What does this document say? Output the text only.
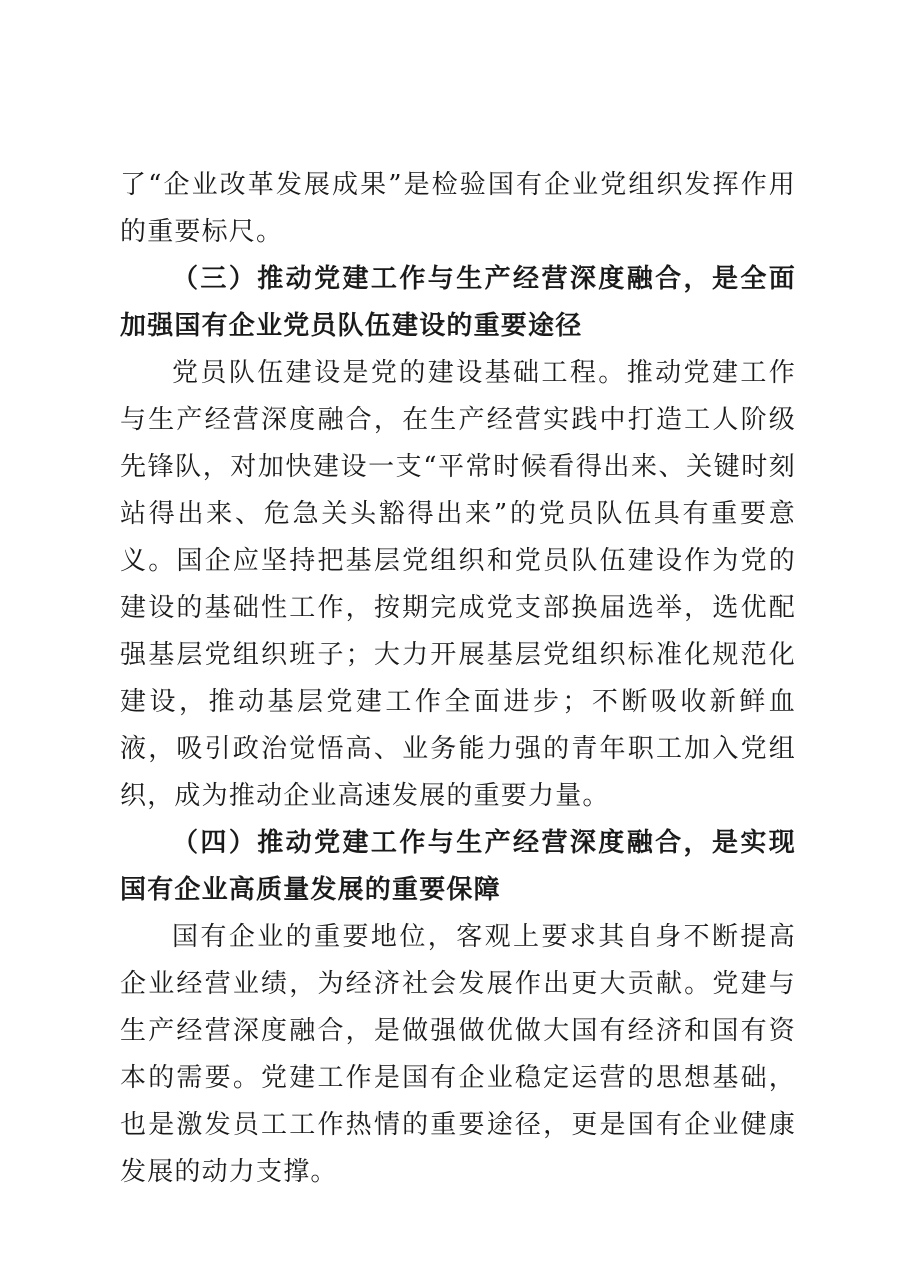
了“企业改革发展成果”是检验国有企业党组织发挥作用的重要标尺。

（三）推动党建工作与生产经营深度融合，是全面加强国有企业党员队伍建设的重要途径

党员队伍建设是党的建设基础工程。推动党建工作与生产经营深度融合，在生产经营实践中打造工人阶级先锋队，对加快建设一支“平常时候看得出来、关键时刻站得出来、危急关头豁得出来”的党员队伍具有重要意义。国企应坚持把基层党组织和党员队伍建设作为党的建设的基础性工作，按期完成党支部换届选举，选优配强基层党组织班子；大力开展基层党组织标准化规范化建设，推动基层党建工作全面进步；不断吸收新鲜血液，吸引政治觉悟高、业务能力强的青年职工加入党组织，成为推动企业高速发展的重要力量。

（四）推动党建工作与生产经营深度融合，是实现国有企业高质量发展的重要保障

国有企业的重要地位，客观上要求其自身不断提高企业经营业绩，为经济社会发展作出更大贡献。党建与生产经营深度融合，是做强做优做大国有经济和国有资本的需要。党建工作是国有企业稳定运营的思想基础，也是激发员工工作热情的重要途径，更是国有企业健康发展的动力支撑。
